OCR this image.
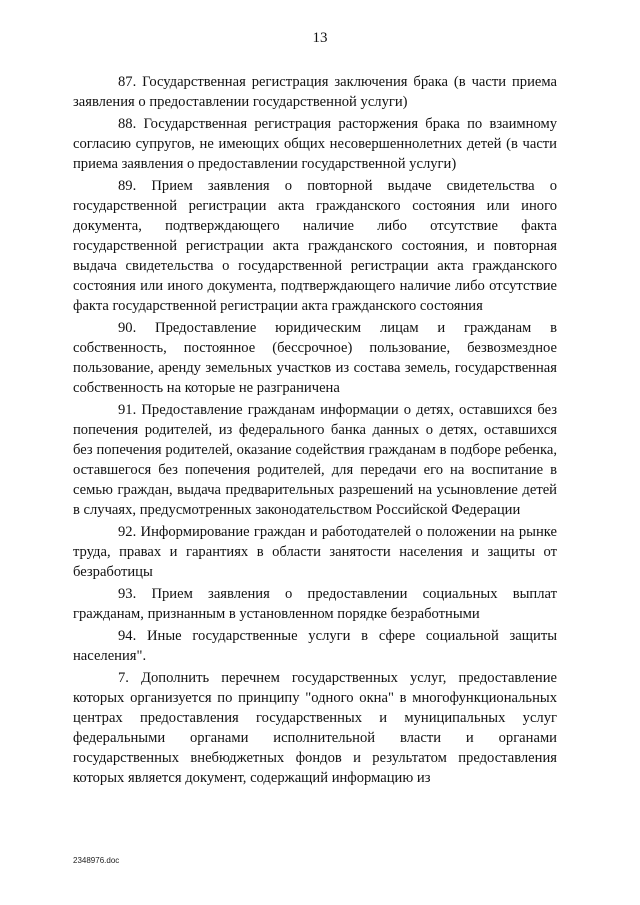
13

87. Государственная регистрация заключения брака (в части приема заявления о предоставлении государственной услуги)

88. Государственная регистрация расторжения брака по взаимному согласию супругов, не имеющих общих несовершеннолетних детей (в части приема заявления о предоставлении государственной услуги)

89. Прием заявления о повторной выдаче свидетельства о государственной регистрации акта гражданского состояния или иного документа, подтверждающего наличие либо отсутствие факта государственной регистрации акта гражданского состояния, и повторная выдача свидетельства о государственной регистрации акта гражданского состояния или иного документа, подтверждающего наличие либо отсутствие факта государственной регистрации акта гражданского состояния

90. Предоставление юридическим лицам и гражданам в собственность, постоянное (бессрочное) пользование, безвозмездное пользование, аренду земельных участков из состава земель, государственная собственность на которые не разграничена

91. Предоставление гражданам информации о детях, оставшихся без попечения родителей, из федерального банка данных о детях, оставшихся без попечения родителей, оказание содействия гражданам в подборе ребенка, оставшегося без попечения родителей, для передачи его на воспитание в семью граждан, выдача предварительных разрешений на усыновление детей в случаях, предусмотренных законодательством Российской Федерации

92. Информирование граждан и работодателей о положении на рынке труда, правах и гарантиях в области занятости населения и защиты от безработицы

93. Прием заявления о предоставлении социальных выплат гражданам, признанным в установленном порядке безработными

94. Иные государственные услуги в сфере социальной защиты населения".

7. Дополнить перечнем государственных услуг, предоставление которых организуется по принципу "одного окна" в многофункциональных центрах предоставления государственных и муниципальных услуг федеральными органами исполнительной власти и органами государственных внебюджетных фондов и результатом предоставления которых является документ, содержащий информацию из

2348976.doc
